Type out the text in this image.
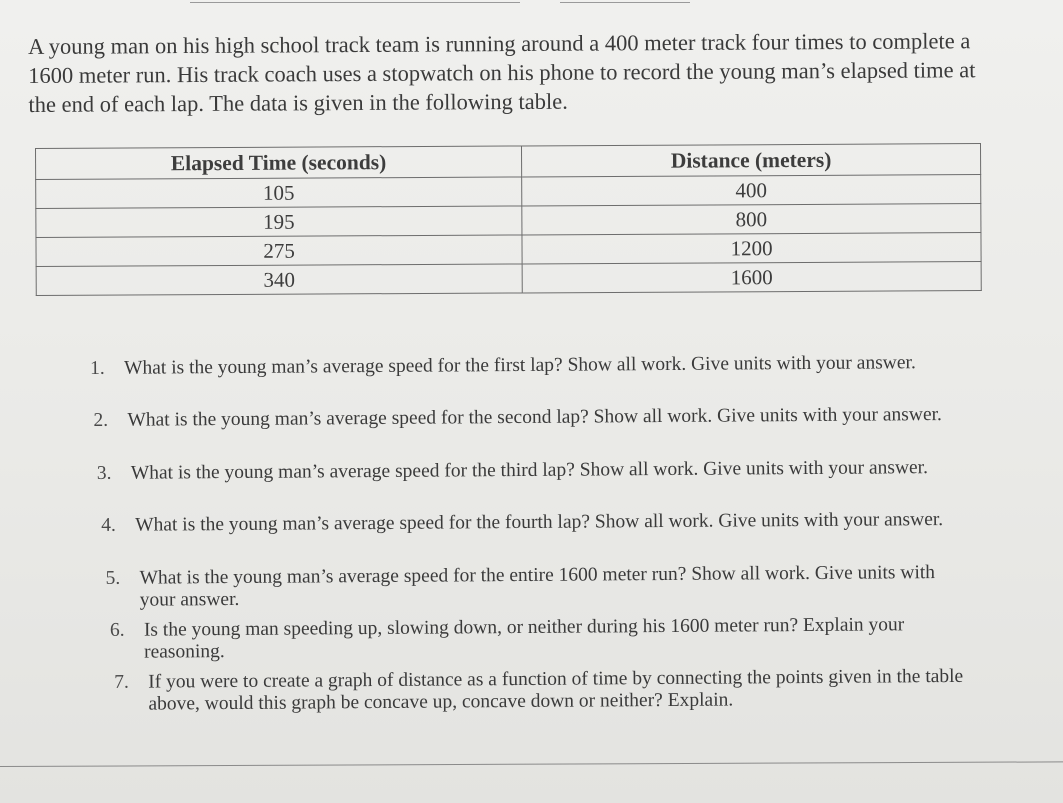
A young man on his high school track team is running around a 400 meter track four times to complete a 1600 meter run. His track coach uses a stopwatch on his phone to record the young man’s elapsed time at the end of each lap. The data is given in the following table.

Elapsed Time (seconds)	Distance (meters)
105	400
195	800
275	1200
340	1600
1. What is the young man’s average speed for the first lap? Show all work. Give units with your answer.
2. What is the young man’s average speed for the second lap? Show all work. Give units with your answer.
3. What is the young man’s average speed for the third lap? Show all work. Give units with your answer.
4. What is the young man’s average speed for the fourth lap? Show all work. Give units with your answer.
5. What is the young man’s average speed for the entire 1600 meter run? Show all work. Give units with your answer.
6. Is the young man speeding up, slowing down, or neither during his 1600 meter run? Explain your reasoning.
7. If you were to create a graph of distance as a function of time by connecting the points given in the table above, would this graph be concave up, concave down or neither? Explain.
